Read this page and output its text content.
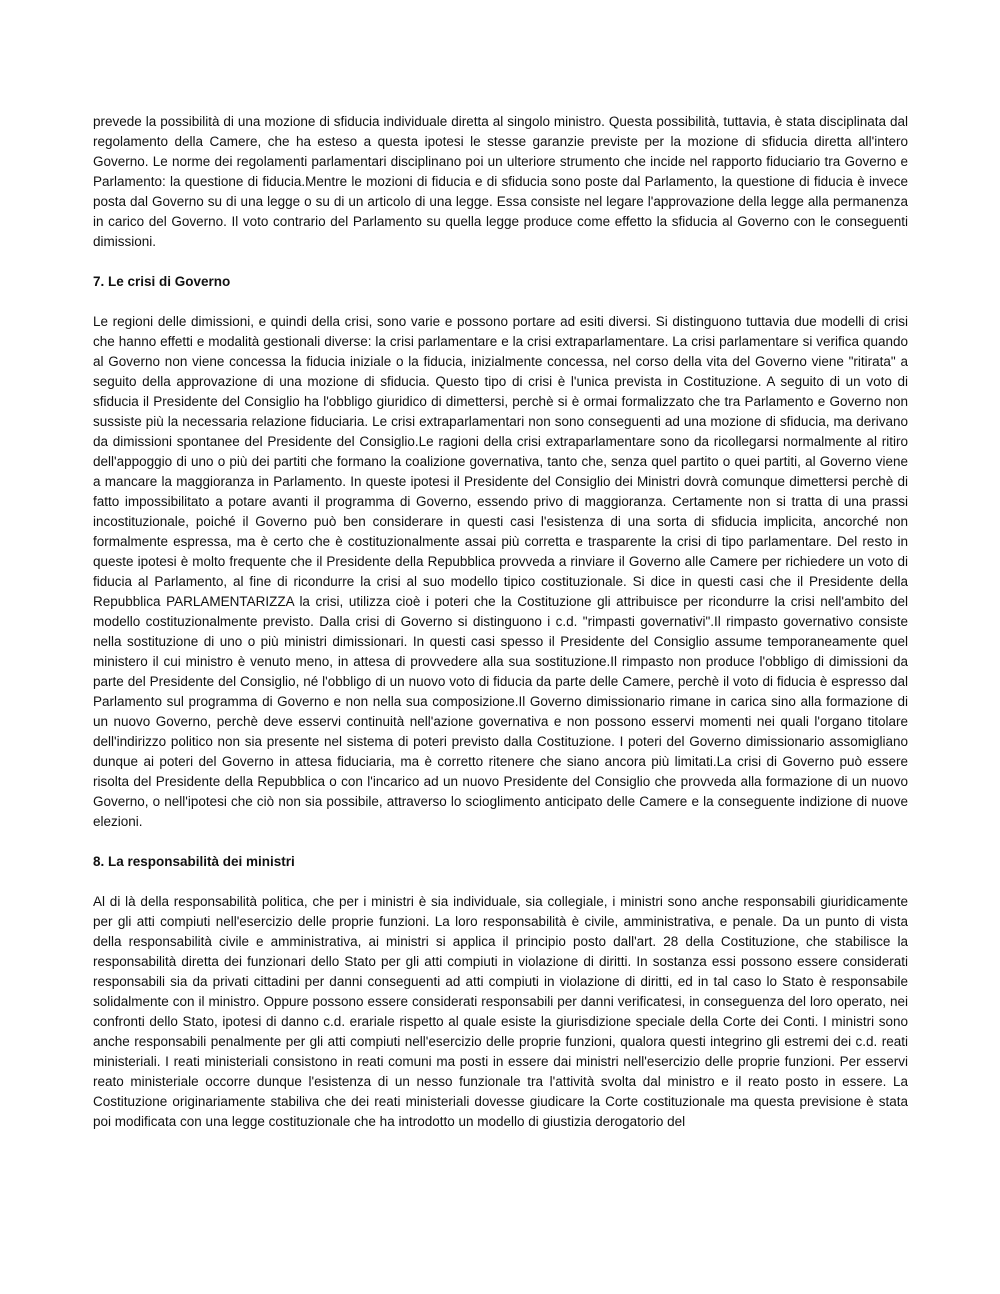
prevede la possibilità di una mozione di sfiducia individuale diretta al singolo ministro. Questa possibilità, tuttavia, è stata disciplinata dal regolamento della Camere, che ha esteso a questa ipotesi le stesse garanzie previste per la mozione di sfiducia diretta all'intero Governo. Le norme dei regolamenti parlamentari disciplinano poi un ulteriore strumento che incide nel rapporto fiduciario tra Governo e Parlamento: la questione di fiducia.Mentre le mozioni di fiducia e di sfiducia sono poste dal Parlamento, la questione di fiducia è invece posta dal Governo su di una legge o su di un articolo di una legge. Essa consiste nel legare l'approvazione della legge alla permanenza in carico del Governo. Il voto contrario del Parlamento su quella legge produce come effetto la sfiducia al Governo con le conseguenti dimissioni.

7. Le crisi di Governo

Le regioni delle dimissioni, e quindi della crisi, sono varie e possono portare ad esiti diversi. Si distinguono tuttavia due modelli di crisi che hanno effetti e modalità gestionali diverse: la crisi parlamentare e la crisi extraparlamentare. La crisi parlamentare si verifica quando al Governo non viene concessa la fiducia iniziale o la fiducia, inizialmente concessa, nel corso della vita del Governo viene "ritirata" a seguito della approvazione di una mozione di sfiducia. Questo tipo di crisi è l'unica prevista in Costituzione. A seguito di un voto di sfiducia il Presidente del Consiglio ha l'obbligo giuridico di dimettersi, perchè si è ormai formalizzato che tra Parlamento e Governo non sussiste più la necessaria relazione fiduciaria. Le crisi extraparlamentari non sono conseguenti ad una mozione di sfiducia, ma derivano da dimissioni spontanee del Presidente del Consiglio.Le ragioni della crisi extraparlamentare sono da ricollegarsi normalmente al ritiro dell'appoggio di uno o più dei partiti che formano la coalizione governativa, tanto che, senza quel partito o quei partiti, al Governo viene a mancare la maggioranza in Parlamento. In queste ipotesi il Presidente del Consiglio dei Ministri dovrà comunque dimettersi perchè di fatto impossibilitato a potare avanti il programma di Governo, essendo privo di maggioranza. Certamente non si tratta di una prassi incostituzionale, poiché il Governo può ben considerare in questi casi l'esistenza di una sorta di sfiducia implicita, ancorché non formalmente espressa, ma è certo che è costituzionalmente assai più corretta e trasparente la crisi di tipo parlamentare. Del resto in queste ipotesi è molto frequente che il Presidente della Repubblica provveda a rinviare il Governo alle Camere per richiedere un voto di fiducia al Parlamento, al fine di ricondurre la crisi al suo modello tipico costituzionale. Si dice in questi casi che il Presidente della Repubblica PARLAMENTARIZZA la crisi, utilizza cioè i poteri che la Costituzione gli attribuisce per ricondurre la crisi nell'ambito del modello costituzionalmente previsto. Dalla crisi di Governo si distinguono i c.d. "rimpasti governativi".Il rimpasto governativo consiste nella sostituzione di uno o più ministri dimissionari. In questi casi spesso il Presidente del Consiglio assume temporaneamente quel ministero il cui ministro è venuto meno, in attesa di provvedere alla sua sostituzione.Il rimpasto non produce l'obbligo di dimissioni da parte del Presidente del Consiglio, né l'obbligo di un nuovo voto di fiducia da parte delle Camere, perchè il voto di fiducia è espresso dal Parlamento sul programma di Governo e non nella sua composizione.Il Governo dimissionario rimane in carica sino alla formazione di un nuovo Governo, perchè deve esservi continuità nell'azione governativa e non possono esservi momenti nei quali l'organo titolare dell'indirizzo politico non sia presente nel sistema di poteri previsto dalla Costituzione. I poteri del Governo dimissionario assomigliano dunque ai poteri del Governo in attesa fiduciaria, ma è corretto ritenere che siano ancora più limitati.La crisi di Governo può essere risolta del Presidente della Repubblica o con l'incarico ad un nuovo Presidente del Consiglio che provveda alla formazione di un nuovo Governo, o nell'ipotesi che ciò non sia possibile, attraverso lo scioglimento anticipato delle Camere e la conseguente indizione di nuove elezioni.

8. La responsabilità dei ministri

Al di là della responsabilità politica, che per i ministri è sia individuale, sia collegiale, i ministri sono anche responsabili giuridicamente per gli atti compiuti nell'esercizio delle proprie funzioni. La loro responsabilità è civile, amministrativa, e penale. Da un punto di vista della responsabilità civile e amministrativa, ai ministri si applica il principio posto dall'art. 28 della Costituzione, che stabilisce la responsabilità diretta dei funzionari dello Stato per gli atti compiuti in violazione di diritti. In sostanza essi possono essere considerati responsabili sia da privati cittadini per danni conseguenti ad atti compiuti in violazione di diritti, ed in tal caso lo Stato è responsabile solidalmente con il ministro. Oppure possono essere considerati responsabili per danni verificatesi, in conseguenza del loro operato, nei confronti dello Stato, ipotesi di danno c.d. erariale rispetto al quale esiste la giurisdizione speciale della Corte dei Conti. I ministri sono anche responsabili penalmente per gli atti compiuti nell'esercizio delle proprie funzioni, qualora questi integrino gli estremi dei c.d. reati ministeriali. I reati ministeriali consistono in reati comuni ma posti in essere dai ministri nell'esercizio delle proprie funzioni. Per esservi reato ministeriale occorre dunque l'esistenza di un nesso funzionale tra l'attività svolta dal ministro e il reato posto in essere. La Costituzione originariamente stabiliva che dei reati ministeriali dovesse giudicare la Corte costituzionale ma questa previsione è stata poi modificata con una legge costituzionale che ha introdotto un modello di giustizia derogatorio del
